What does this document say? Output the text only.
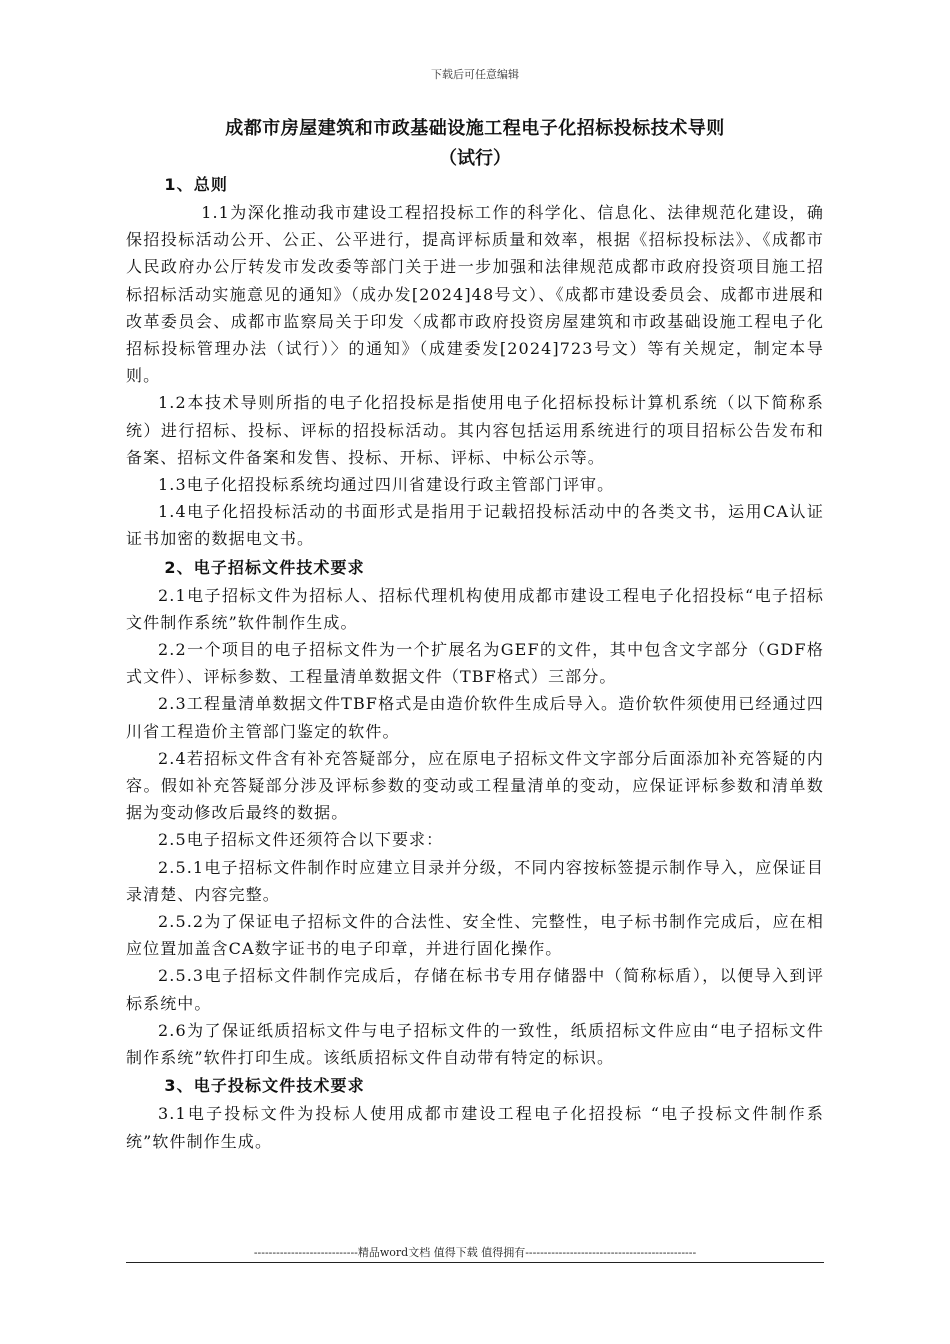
下载后可任意编辑
成都市房屋建筑和市政基础设施工程电子化招标投标技术导则
（试行）
1、总则

1.1为深化推动我市建设工程招投标工作的科学化、信息化、法律规范化建设，确保招投标活动公开、公正、公平进行，提高评标质量和效率，根据《招标投标法》、《成都市人民政府办公厅转发市发改委等部门关于进一步加强和法律规范成都市政府投资项目施工招标招标活动实施意见的通知》（成办发[2024]48号文）、《成都市建设委员会、成都市进展和改革委员会、成都市监察局关于印发〈成都市政府投资房屋建筑和市政基础设施工程电子化招标投标管理办法（试行）〉的通知》（成建委发[2024]723号文）等有关规定，制定本导则。

1.2本技术导则所指的电子化招投标是指使用电子化招标投标计算机系统（以下简称系统）进行招标、投标、评标的招投标活动。其内容包括运用系统进行的项目招标公告发布和备案、招标文件备案和发售、投标、开标、评标、中标公示等。

1.3电子化招投标系统均通过四川省建设行政主管部门评审。

1.4电子化招投标活动的书面形式是指用于记载招投标活动中的各类文书，运用CA认证证书加密的数据电文书。

2、电子招标文件技术要求

2.1电子招标文件为招标人、招标代理机构使用成都市建设工程电子化招投标“电子招标文件制作系统”软件制作生成。

2.2一个项目的电子招标文件为一个扩展名为GEF的文件，其中包含文字部分（GDF格式文件）、评标参数、工程量清单数据文件（TBF格式）三部分。

2.3工程量清单数据文件TBF格式是由造价软件生成后导入。造价软件须使用已经通过四川省工程造价主管部门鉴定的软件。

2.4若招标文件含有补充答疑部分，应在原电子招标文件文字部分后面添加补充答疑的内容。假如补充答疑部分涉及评标参数的变动或工程量清单的变动，应保证评标参数和清单数据为变动修改后最终的数据。

2.5电子招标文件还须符合以下要求：

2.5.1电子招标文件制作时应建立目录并分级，不同内容按标签提示制作导入，应保证目录清楚、内容完整。

2.5.2为了保证电子招标文件的合法性、安全性、完整性，电子标书制作完成后，应在相应位置加盖含CA数字证书的电子印章，并进行固化操作。

2.5.3电子招标文件制作完成后，存储在标书专用存储器中（简称标盾），以便导入到评标系统中。

2.6为了保证纸质招标文件与电子招标文件的一致性，纸质招标文件应由“电子招标文件制作系统”软件打印生成。该纸质招标文件自动带有特定的标识。

3、电子投标文件技术要求

3.1电子投标文件为投标人使用成都市建设工程电子化招投标 “电子投标文件制作系统”软件制作生成。

----------------------------精品word文档 值得下载 值得拥有----------------------------------------------
